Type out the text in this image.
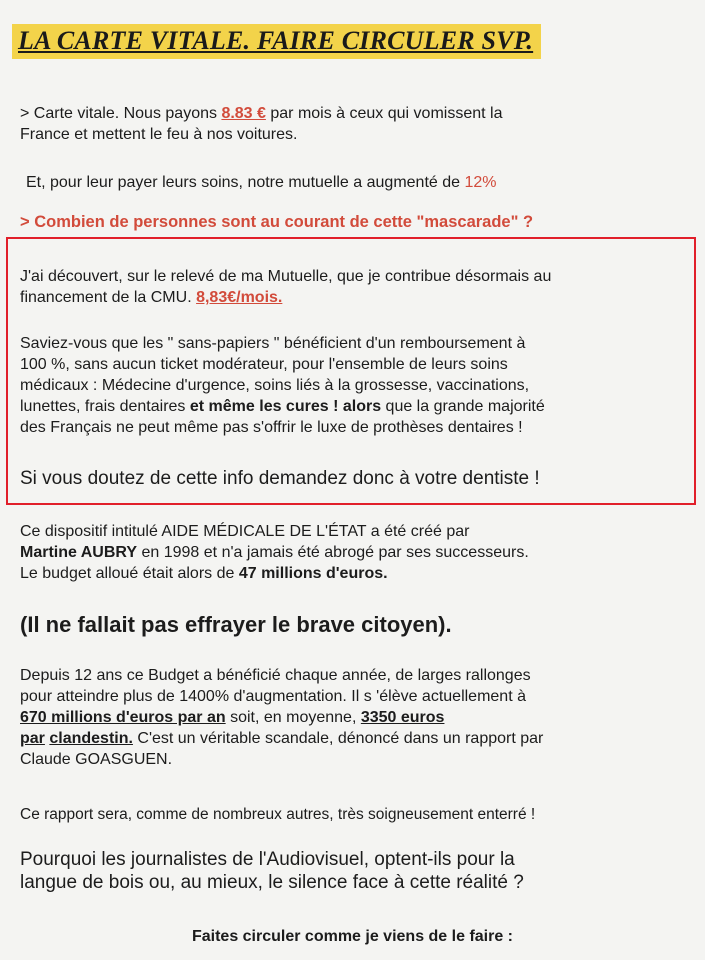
LA CARTE VITALE. FAIRE CIRCULER SVP.

> Carte vitale. Nous payons 8.83 € par mois à ceux qui vomissent la
France et mettent le feu à nos voitures.

Et, pour leur payer leurs soins, notre mutuelle a augmenté de 12%

> Combien de personnes sont au courant de cette "mascarade" ?

J'ai découvert, sur le relevé de ma Mutuelle, que je contribue désormais au
financement de la CMU. 8,83€/mois.

Saviez-vous que les " sans-papiers " bénéficient d'un remboursement à
100 %, sans aucun ticket modérateur, pour l'ensemble de leurs soins
médicaux : Médecine d'urgence, soins liés à la grossesse, vaccinations,
lunettes, frais dentaires et même les cures ! alors que la grande majorité
des Français ne peut même pas s'offrir le luxe de prothèses dentaires !

Si vous doutez de cette info demandez donc à votre dentiste !

Ce dispositif intitulé AIDE MÉDICALE DE L'ÉTAT a été créé par
Martine AUBRY en 1998 et n'a jamais été abrogé par ses successeurs.
Le budget alloué était alors de 47 millions d'euros.

(Il ne fallait pas effrayer le brave citoyen).

Depuis 12 ans ce Budget a bénéficié chaque année, de larges rallonges
pour atteindre plus de 1400% d'augmentation. Il s 'élève actuellement à
670 millions d'euros par an soit, en moyenne, 3350 euros
par clandestin. C'est un véritable scandale, dénoncé dans un rapport par
Claude GOASGUEN.

Ce rapport sera, comme de nombreux autres, très soigneusement enterré !

Pourquoi les journalistes de l'Audiovisuel, optent-ils pour la
langue de bois ou, au mieux, le silence face à cette réalité ?

Faites circuler comme je viens de le faire :
